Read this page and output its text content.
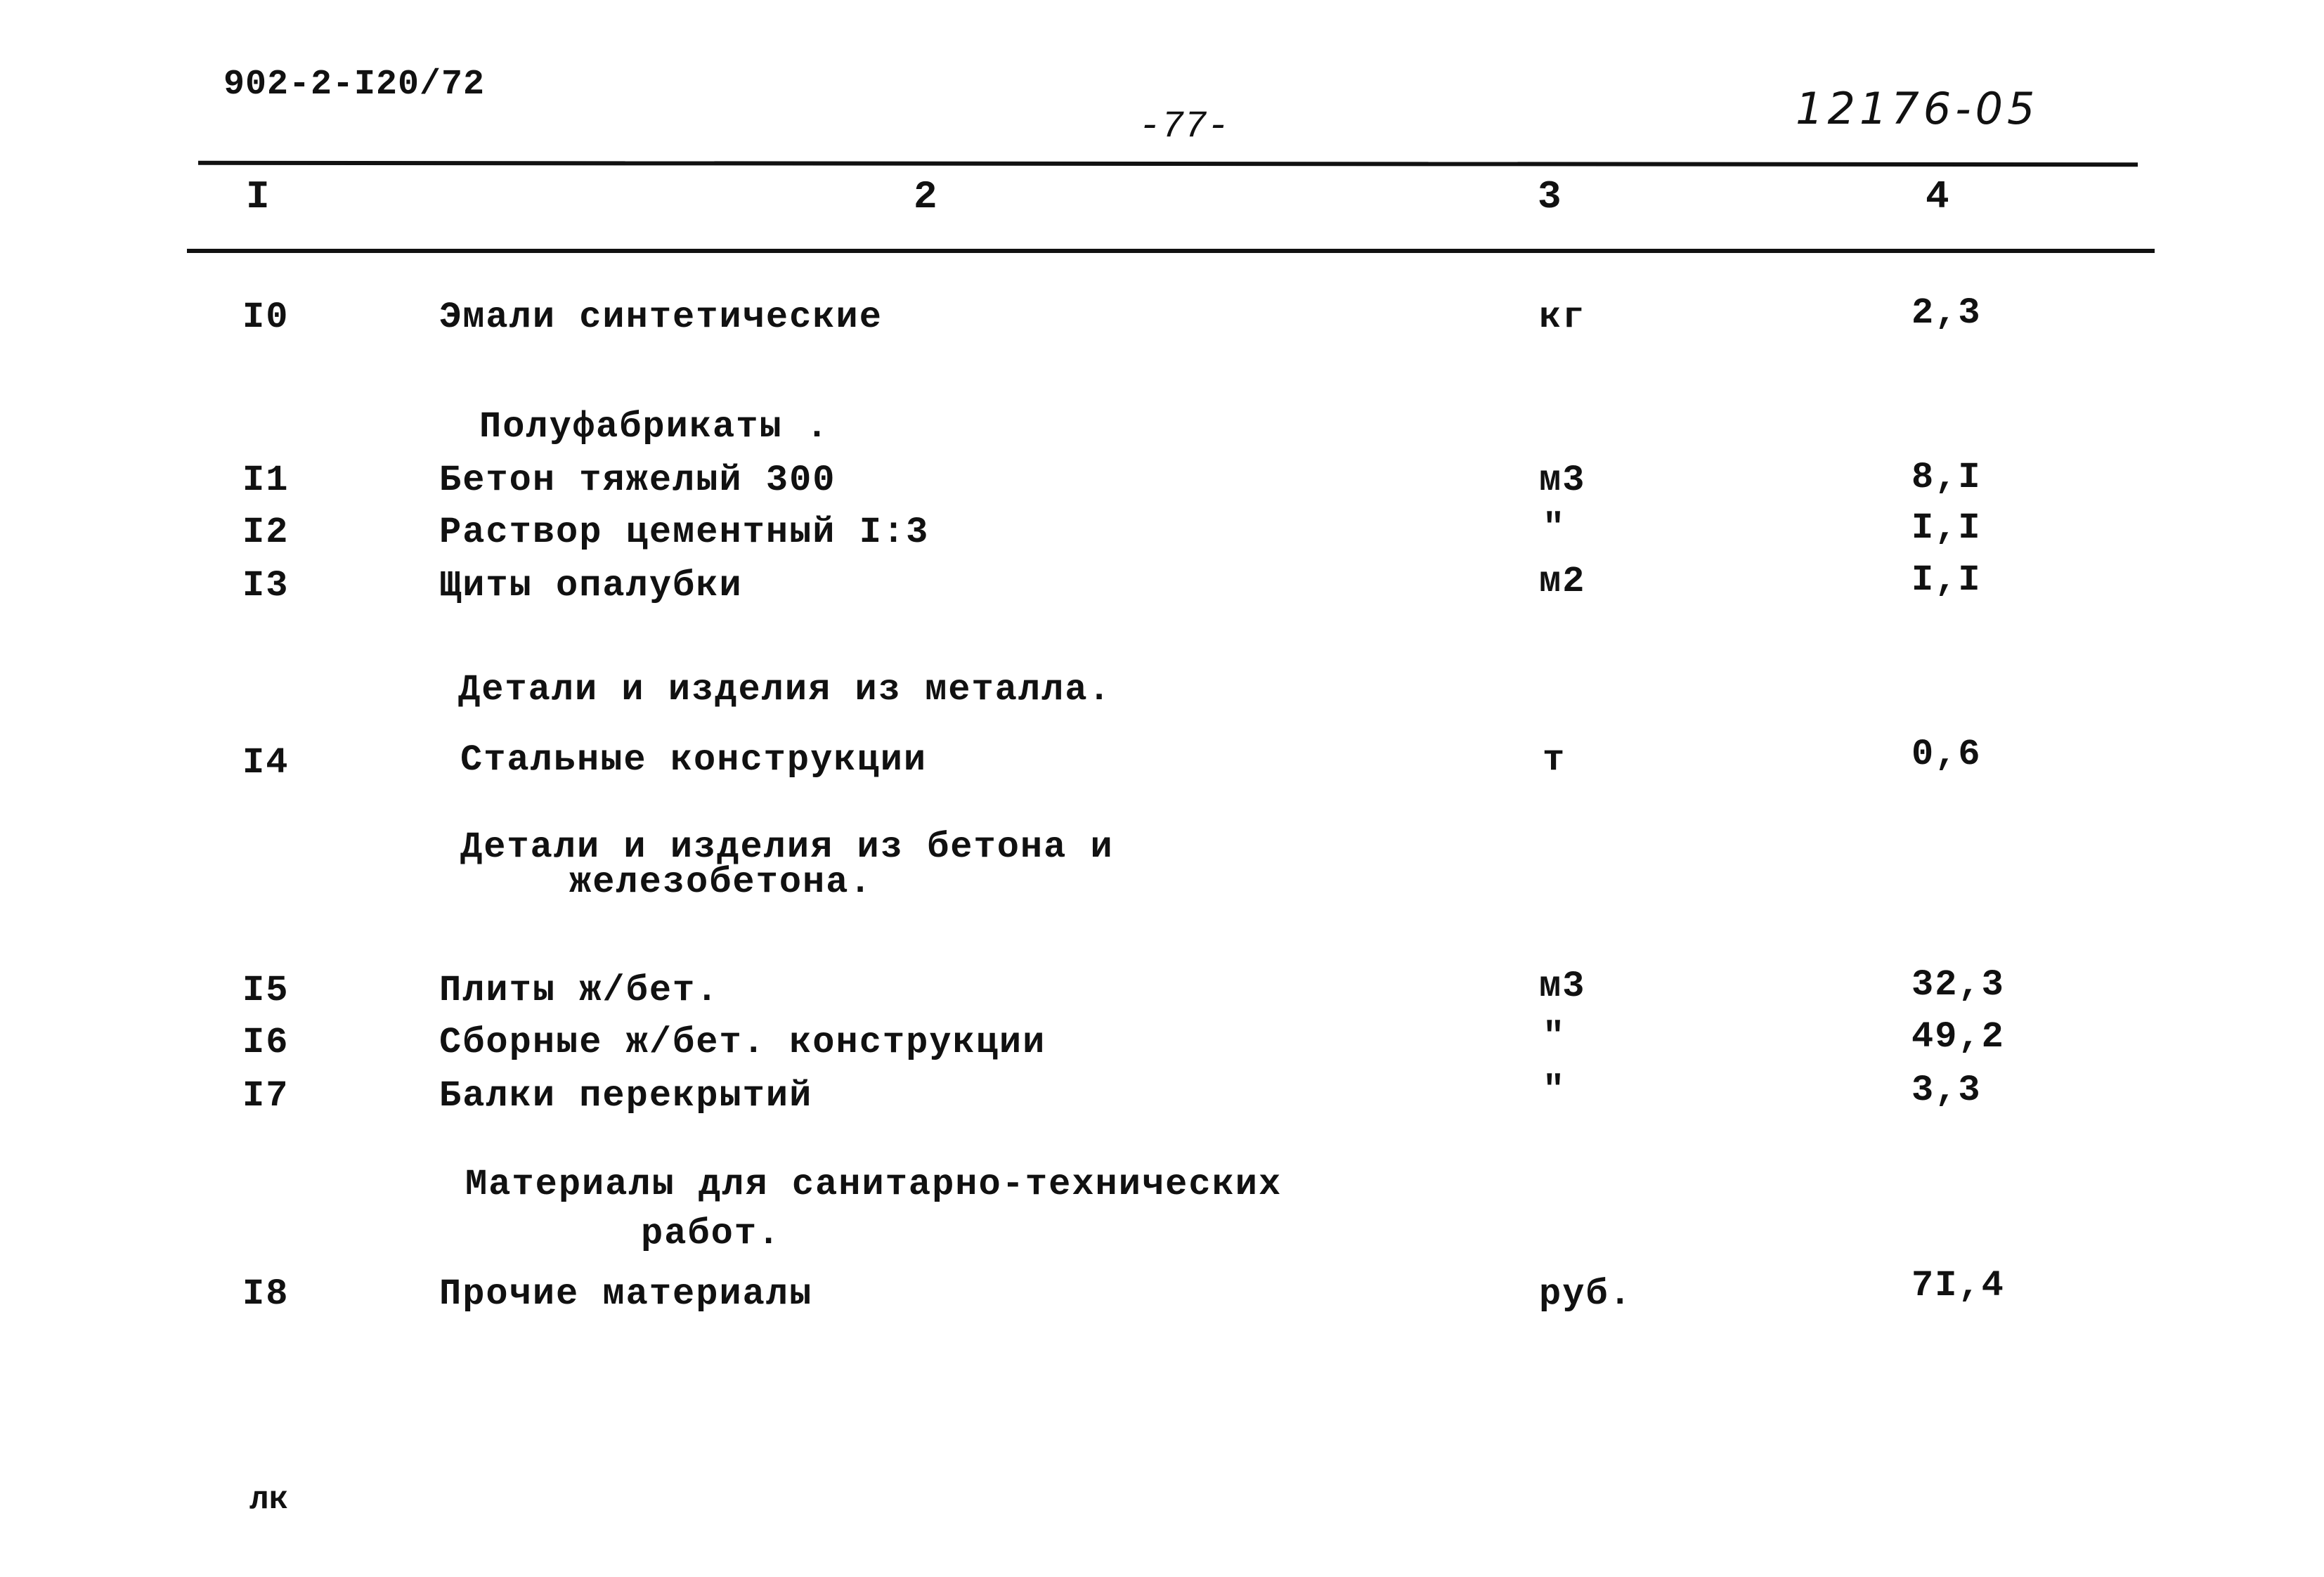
902-2-I20/72
-77-	12176-05
I	2	3	4
I0	Эмали синтетические	кг	2,3
Полуфабрикаты .
I1	Бетон тяжелый 300	м3	8,I
I2	Раствор цементный I:3	"	I,I
I3	Щиты опалубки	м2	I,I
Детали и изделия из металла.
I4	Стальные конструкции	т	0,6
Детали и изделия из бетона и
железобетона.
I5	Плиты ж/бет.	м3	32,3
I6	Сборные ж/бет. конструкции	"	49,2
I7	Балки перекрытий	"	3,3
Материалы для санитарно-технических
работ.
I8	Прочие материалы	руб.	7I,4
лк
